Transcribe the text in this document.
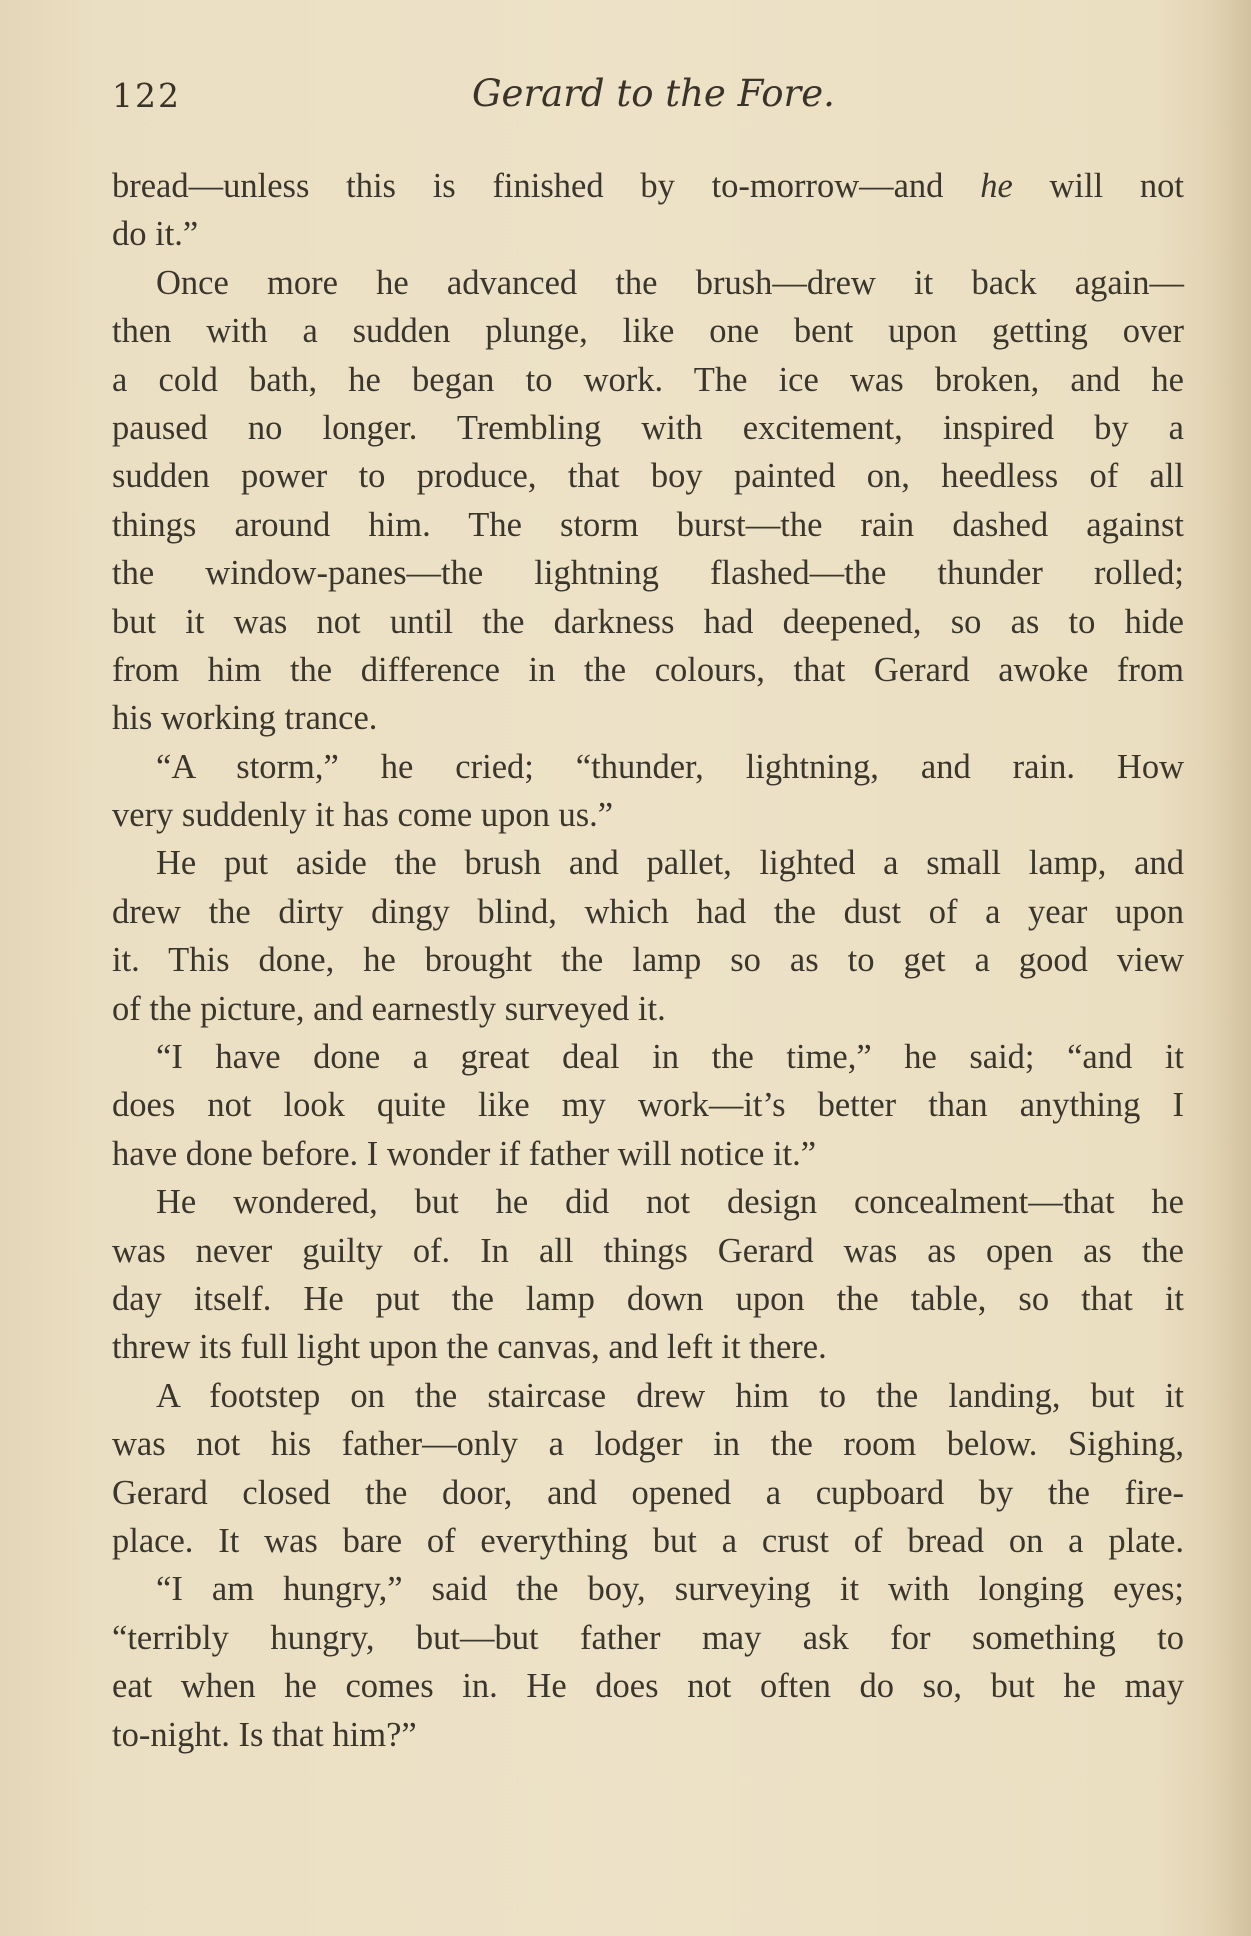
122	Gerard to the Fore.
bread—unless this is finished by to-morrow—and he will not
do it.”
Once more he advanced the brush—drew it back again—
then with a sudden plunge, like one bent upon getting over
a cold bath, he began to work. The ice was broken, and he
paused no longer. Trembling with excitement, inspired by a
sudden power to produce, that boy painted on, heedless of all
things around him. The storm burst—the rain dashed against
the window-panes—the lightning flashed—the thunder rolled;
but it was not until the darkness had deepened, so as to hide
from him the difference in the colours, that Gerard awoke from
his working trance.
“A storm,” he cried; “thunder, lightning, and rain. How
very suddenly it has come upon us.”
He put aside the brush and pallet, lighted a small lamp, and
drew the dirty dingy blind, which had the dust of a year upon
it. This done, he brought the lamp so as to get a good view
of the picture, and earnestly surveyed it.
“I have done a great deal in the time,” he said; “and it
does not look quite like my work—it’s better than anything I
have done before. I wonder if father will notice it.”
He wondered, but he did not design concealment—that he
was never guilty of. In all things Gerard was as open as the
day itself. He put the lamp down upon the table, so that it
threw its full light upon the canvas, and left it there.
A footstep on the staircase drew him to the landing, but it
was not his father—only a lodger in the room below. Sighing,
Gerard closed the door, and opened a cupboard by the fire-
place. It was bare of everything but a crust of bread on a plate.
“I am hungry,” said the boy, surveying it with longing eyes;
“terribly hungry, but—but father may ask for something to
eat when he comes in. He does not often do so, but he may
to-night. Is that him?”
